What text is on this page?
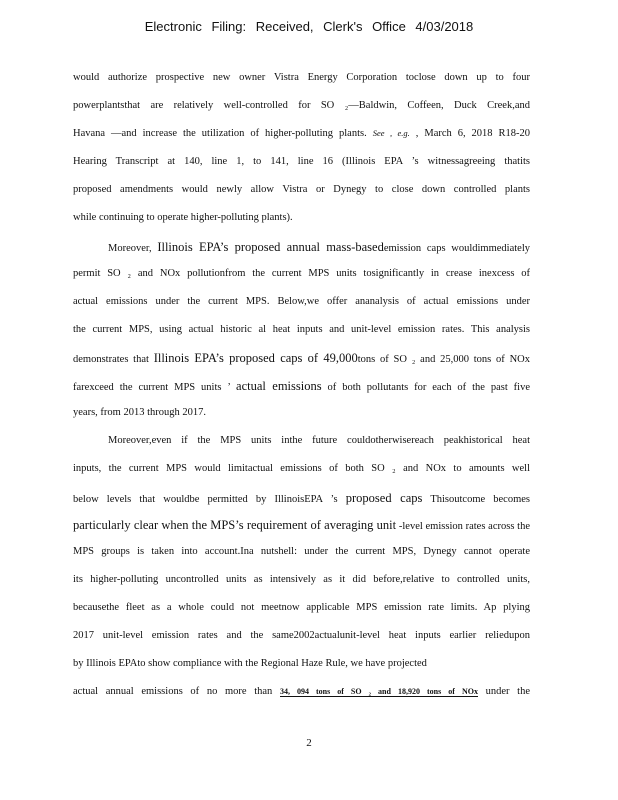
Electronic Filing: Received, Clerk's Office 4/03/2018
would authorize prospective new owner Vistra Energy Corporation toclose down up to four
powerplantsthat are relatively well-controlled for SO ₂—Baldwin, Coffeen, Duck Creek,and
Havana —and increase the utilization of higher-polluting plants. See , e.g. , March 6, 2018 R18-20
Hearing Transcript at 140, line 1, to 141, line 16 (Illinois EPA ’s witnessagreeing thatits
proposed amendments would newly allow Vistra or Dynegy to close down controlled plants
while continuing to operate higher-polluting plants).
Moreover, Illinois EPA’s proposed annual mass-basedemission caps wouldimmediately
permit SO ₂ and NOx pollutionfrom the current MPS units tosignificantly in crease inexcess of
actual emissions under the current MPS. Below,we offer ananalysis of actual emissions under
the current MPS, using actual historic al heat inputs and unit-level emission rates. This analysis
demonstrates that Illinois EPA’s proposed caps of 49,000tons of SO ₂ and 25,000 tons of NOx
farexceed the current MPS units ’ actual emissions of both pollutants for each of the past five
years, from 2013 through 2017.
Moreover,even if the MPS units inthe future couldotherwisereach peakhistorical heat
inputs, the current MPS would limitactual emissions of both SO ₂ and NOx to amounts well
below levels that wouldbe permitted by IllinoisEPA ’s proposed caps Thisoutcome becomes
particularly clear when the MPS’s requirement of averaging unit -level emission rates across the
MPS groups is taken into account.Ina nutshell: under the current MPS, Dynegy cannot operate
its higher-polluting uncontrolled units as intensively as it did before,relative to controlled units,
becausethe fleet as a whole could not meetnow applicable MPS emission rate limits. Ap plying
2017 unit-level emission rates and the same2002actualunit-level heat inputs earlier reliedupon
by Illinois EPAto show compliance with the Regional Haze Rule, we have projected
actual annual emissions of no more than 34, 094 tons of SO ₂ and 18,920 tons of NOx under the
2
